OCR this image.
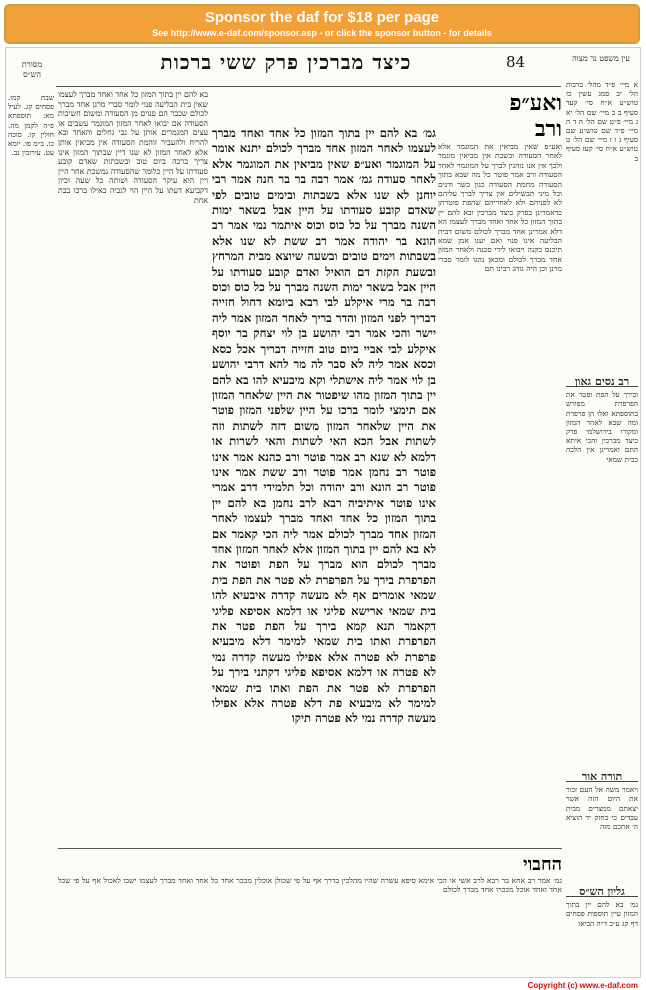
Sponsor the daf for $18 per page
See http://www.e-daf.com/sponsor.asp - or click the sponsor button - for details
מסורת הש״ס
עין משפט נר מצוה
84
כיצד מברכין פרק ששי ברכות
שבת קמו. פסחים קג. לעיל מא: תוספתא פ״ה לקמן מה. חולין קו. סוכה כו. ב״מ פו. יומא עט. עירובין נב.
בא להם יין בתוך המזון כל אחד ואחד מברך לעצמו שאין בית הבליעה פנוי לומר סברי מרנן אחד מברך לכולם שכבר הם פנוים מן הסעודה ומשום חשיבות הסעודה אם יבואו לאחר המזון המוגמר עשבים או עצים המגמרים אותן על גבי גחלים והאחד ובא להריח ולהעביר זוהמת הסעודה אין מביאין אותן אלא לאחר המזון לא שנו דיין שבתוך המזון אינו צריך ברכה ביום טוב ובשבתות שאדם קובע סעודתו על היין כלומר שהסעודה נמשכת אחר היין ויין הוא עיקר הסעודה ושותה כל שעה וכיון דקביעא דעתו על היין הוי לגביה כאילו ברכו בבת אחת
גמ׳ בא להם יין בתוך המזון כל אחד ואחד מברך לעצמו לאחר המזון אחד מברך לכולם יתנא אומר על המוגמר ואע״פ שאין מביאין את המוגמר אלא לאחר סעודה גמ׳ אמר רבה בר בר חנה אמר רבי יוחנן לא שנו אלא בשבתות ובימים טובים לפי שאדם קובע סעודתו על היין אבל בשאר ימות השנה מברך על כל כוס וכוס איתמר נמי אמר רב הונא בר יהודה אמר רב ששת לא שנו אלא בשבתות וימים טובים ובשעה שיוצא מבית המרחץ ובשעת הקזת דם הואיל ואדם קובע סעודתו על היין אבל בשאר ימות השנה מברך על כל כוס וכוס רבה בר מרי איקלע לבי רבא ביומא דחול חזייה דבריך לפני המזון והדר בריך לאחר המזון אמר ליה יישר והכי אמר רבי יהושע בן לוי יצחק בר יוסף איקלע לבי אביי ביום טוב חזייה דבריך אכל כסא וכסא אמר ליה לא סבר לה מר להא דרבי יהושע בן לוי אמר ליה אישתלי וקא מיבעיא להו בא להם יין בתוך המזון מהו שיפטור את היין שלאחר המזון אם תימצי לומר ברכו על היין שלפני המזון פוטר את היין שלאחר המזון משום דזה לשתות וזה לשתות אבל הכא האי לשתות והאי לשרות או דלמא לא שנא רב אמר פוטר ורב כהנא אמר אינו פוטר רב נחמן אמר פוטר ורב ששת אמר אינו פוטר רב הונא ורב יהודה וכל תלמידי דרב אמרי אינו פוטר איתיביה רבא לרב נחמן בא להם יין בתוך המזון כל אחד ואחד מברך לעצמו לאחר המזון אחד מברך לכולם אמר ליה הכי קאמר אם לא בא להם יין בתוך המזון אלא לאחר המזון אחד מברך לכולם הוא מברך על הפת ופוטר את הפרפרת בירך על הפרפרת לא פטר את הפת בית שמאי אומרים אף לא מעשה קדרה איבעיא להו בית שמאי ארישא פליגי או דלמא אסיפא פליגי דקאמר תנא קמא בירך על הפת פטר את הפרפרת ואתו בית שמאי למימר דלא מיבעיא פרפרת לא פטרה אלא אפילו מעשה קדרה נמי לא פטרה או דלמא אסיפא פליגי דקתני בירך על הפרפרת לא פטר את הפת ואתו בית שמאי למימר לא מיבעיא פת דלא פטרה אלא אפילו מעשה קדרה נמי לא פטרה תיקו
ואע״פ
ורב
ואע״פ שאין מביאין את המוגמר אלא לאחר הסעודה ובשבת אין מביאין מוגמר ולכך אין אנו נוהגין לברך על המוגמר לאחר הסעודה ורב אמר פוטר כל מה שבא בתוך הסעודה מחמת הסעודה כגון בשר ודגים וכל מיני תבשילים אין צריך לברך עליהם לא לפניהם ולא לאחריהם שהפת פוטרתן כדאמרינן בפרק כיצד מברכין ובא להם יין בתוך המזון כל אחד ואחד מברך לעצמו הא דלא אמרינן אחד מברך לכולם משום דבית הבליעה אינו פנוי ואם יענו אמן שמא תיכנס בקנה ויבואו לידי סכנה ולאחר המזון אחד מברך לכולם ומכאן נהגו לומר סברי מרנן וכן היה נוהג רבינו תם
א מיי׳ פ״ד מהל׳ ברכות הל׳ יב סמג עשין כז טוש״ע א״ח סי׳ קעד סעיף ב ב מיי׳ שם הל׳ יא ג מיי׳ פ״ט שם הל׳ ה ד ה מיי׳ פ״ד שם טוש״ע שם סעיף ג ו ז מיי׳ שם הל׳ ט טוש״ע א״ח סי׳ קעז סעיף ב
רב נסים גאון
ובירך על הפת ופטר את הפרפרת מפורש בתוספתא ואלו הן פרפרת ומה שבא לאחר המזון ומקורו בירושלמי פרק כיצד מברכין והכי איתא התם ואמרינן אין הלכה כבית שמאי
תורה אור
ויאמר משה אל העם זכור את היום הזה אשר יצאתם ממצרים מבית עבדים כי בחזק יד הוציא ה׳ אתכם מזה
גליון הש״ס
גמ׳ בא להם יין בתוך המזון עיין תוספות פסחים דף קג ע״ב ד״ה הביאו
החבוי
גמ׳ אמר רב אחא בר רבא לרב אשי אי הכי אימא סיפא עשרה שהיו מהלכין בדרך אף על פי שכולן אוכלין מככר אחד כל אחד ואחד מברך לעצמו ישבו לאכול אף על פי שכל אחד ואחד אוכל מככרו אחד מברך לכולם
Copyright (c) www.e-daf.com
